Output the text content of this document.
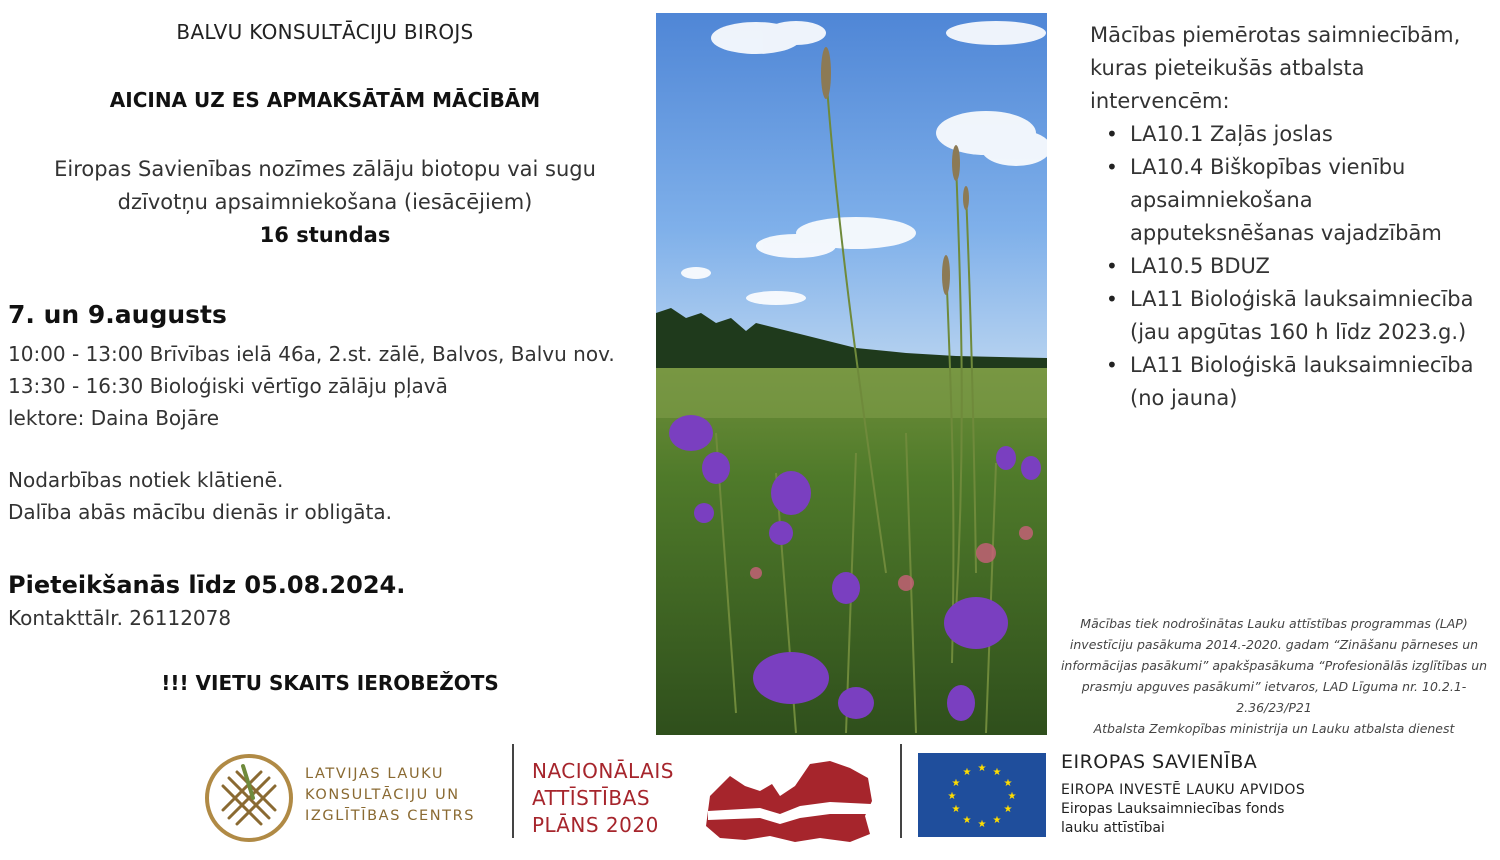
BALVU KONSULTĀCIJU BIROJS
AICINA UZ ES APMAKSĀTĀM MĀCĪBĀM
Eiropas Savienības nozīmes zālāju biotopu vai sugu
dzīvotņu apsaimniekošana (iesācējiem)
16 stundas
7. un 9.augusts
10:00 - 13:00 Brīvības ielā 46a, 2.st. zālē, Balvos, Balvu nov.
13:30 - 16:30 Bioloģiski vērtīgo zālāju pļavā
lektore: Daina Bojāre
Nodarbības notiek klātienē.
Dalība abās mācību dienās ir obligāta.
Pieteikšanās līdz 05.08.2024.
Kontakttālr. 26112078
!!! VIETU SKAITS IEROBEŽOTS
Mācības piemērotas saimniecībām,
kuras pieteikušās atbalsta
intervencēm:
• LA10.1 Zaļās joslas
• LA10.4 Biškopības vienību
apsaimniekošana
apputeksnēšanas vajadzībām
• LA10.5 BDUZ
• LA11 Bioloģiskā lauksaimniecība
(jau apgūtas 160 h līdz 2023.g.)
• LA11 Bioloģiskā lauksaimniecība
(no jauna)
Mācības tiek nodrošinātas Lauku attīstības programmas (LAP)
investīciju pasākuma 2014.-2020. gadam “Zināšanu pārneses un
informācijas pasākumi” apakšpasākuma “Profesionālās izglītības un
prasmju apguves pasākumi” ietvaros, LAD Līguma nr. 10.2.1-
2.36/23/P21
Atbalsta Zemkopības ministrija un Lauku atbalsta dienest
LATVIJAS LAUKU
KONSULTĀCIJU UN
IZGLĪTĪBAS CENTRS
NACIONĀLAIS
ATTĪSTĪBAS
PLĀNS 2020
★ ★
★
★
★
★
★
★
★
★
★
★	EIROPAS SAVIENĪBA
EIROPA INVESTĒ LAUKU APVIDOS
Eiropas Lauksaimniecības fonds
lauku attīstībai
